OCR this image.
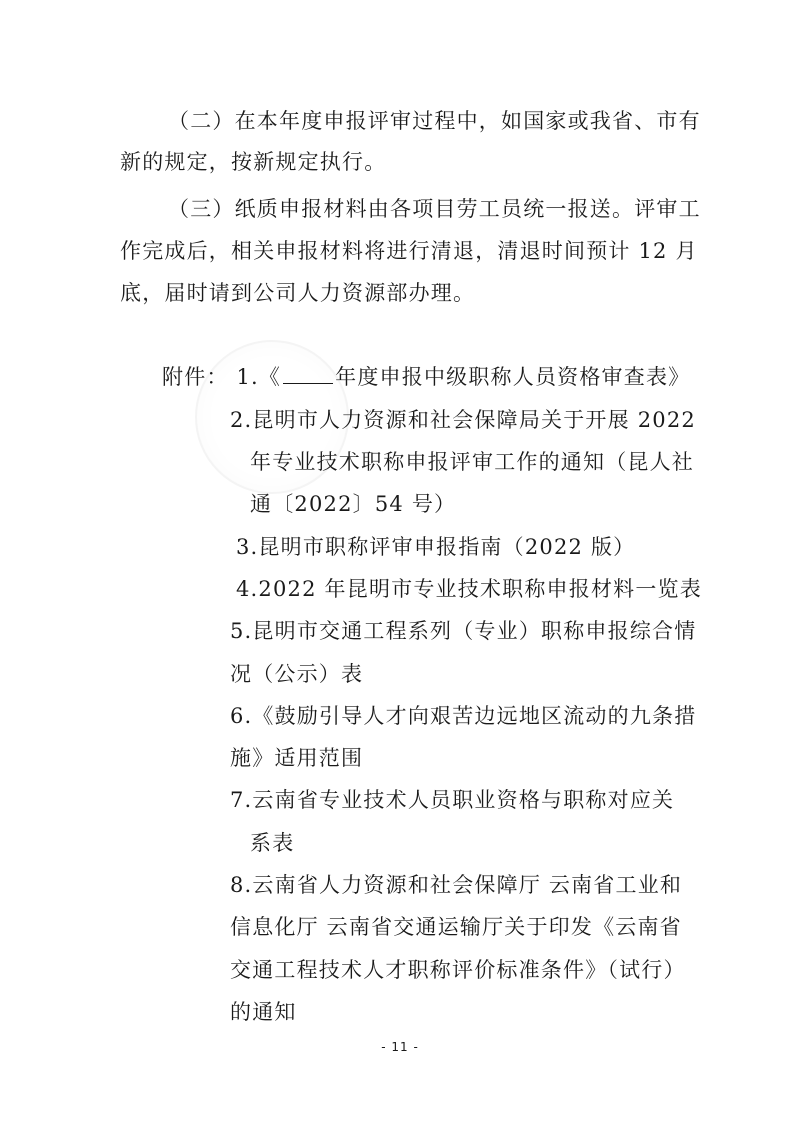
（二）在本年度申报评审过程中，如国家或我省、市有
新的规定，按新规定执行。
（三）纸质申报材料由各项目劳工员统一报送。评审工
作完成后，相关申报材料将进行清退，清退时间预计 12 月
底，届时请到公司人力资源部办理。
附件： 1.《	年度申报中级职称人员资格审查表》
2.昆明市人力资源和社会保障局关于开展 2022
年专业技术职称申报评审工作的通知（昆人社
通〔2022〕54 号）
3.昆明市职称评审申报指南（2022 版）
4.2022 年昆明市专业技术职称申报材料一览表
5.昆明市交通工程系列（专业）职称申报综合情
况（公示）表
6.《鼓励引导人才向艰苦边远地区流动的九条措
施》适用范围
7.云南省专业技术人员职业资格与职称对应关
系表
8.云南省人力资源和社会保障厅 云南省工业和
信息化厅 云南省交通运输厅关于印发《云南省
交通工程技术人才职称评价标准条件》（试行）
的通知
- 11 -
